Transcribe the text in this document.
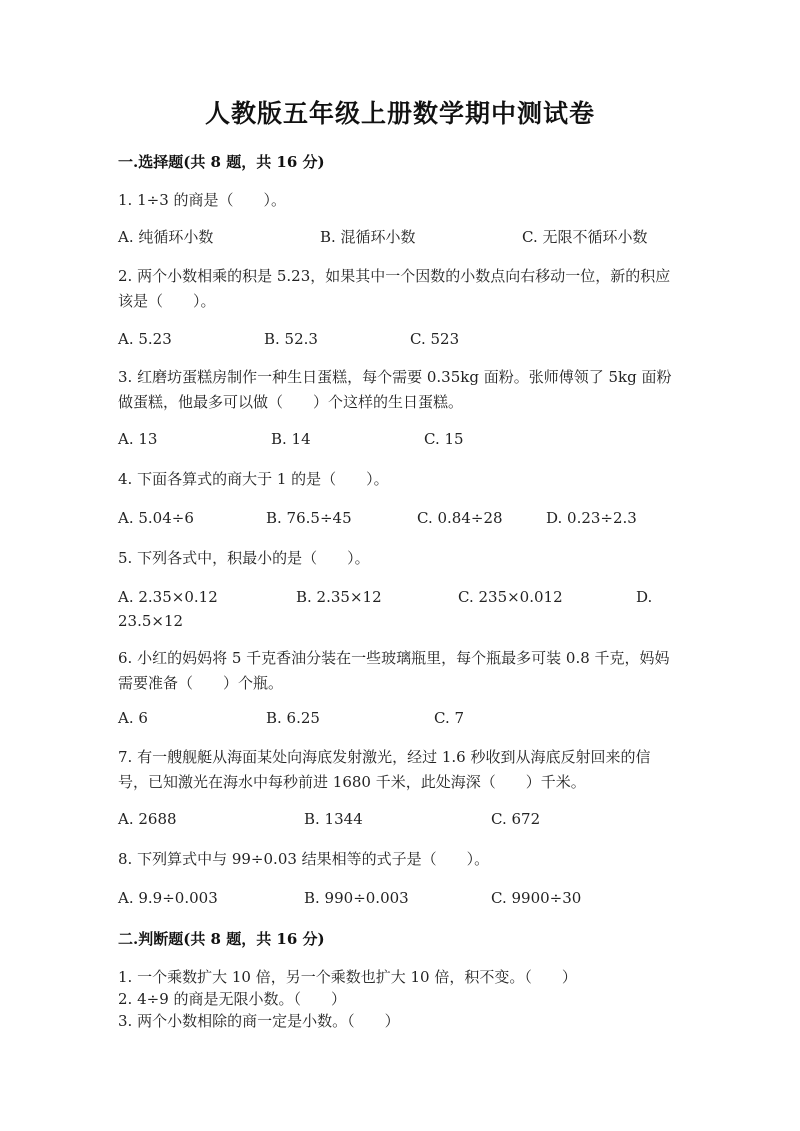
人教版五年级上册数学期中测试卷
一.选择题(共 8 题，共 16 分)
1. 1÷3 的商是（　　）。
A. 纯循环小数	B. 混循环小数	C. 无限不循环小数
2. 两个小数相乘的积是 5.23，如果其中一个因数的小数点向右移动一位，新的积应该是（　　）。
A. 5.23	B. 52.3	C. 523
3. 红磨坊蛋糕房制作一种生日蛋糕，每个需要 0.35kg 面粉。张师傅领了 5kg 面粉做蛋糕，他最多可以做（　　）个这样的生日蛋糕。
A. 13	B. 14	C. 15
4. 下面各算式的商大于 1 的是（　　）。
A. 5.04÷6	B. 76.5÷45	C. 0.84÷28	D. 0.23÷2.3
5. 下列各式中，积最小的是（　　）。
A. 2.35×0.12	B. 2.35×12	C. 235×0.012	D. 23.5×12
6. 小红的妈妈将 5 千克香油分装在一些玻璃瓶里，每个瓶最多可装 0.8 千克，妈妈需要准备（　　）个瓶。
A. 6	B. 6.25	C. 7
7. 有一艘舰艇从海面某处向海底发射激光，经过 1.6 秒收到从海底反射回来的信号，已知激光在海水中每秒前进 1680 千米，此处海深（　　）千米。
A. 2688	B. 1344	C. 672
8. 下列算式中与 99÷0.03 结果相等的式子是（　　）。
A. 9.9÷0.003	B. 990÷0.003	C. 9900÷30
二.判断题(共 8 题，共 16 分)
1. 一个乘数扩大 10 倍，另一个乘数也扩大 10 倍，积不变。（　　）
2. 4÷9 的商是无限小数。（　　）
3. 两个小数相除的商一定是小数。（　　）
